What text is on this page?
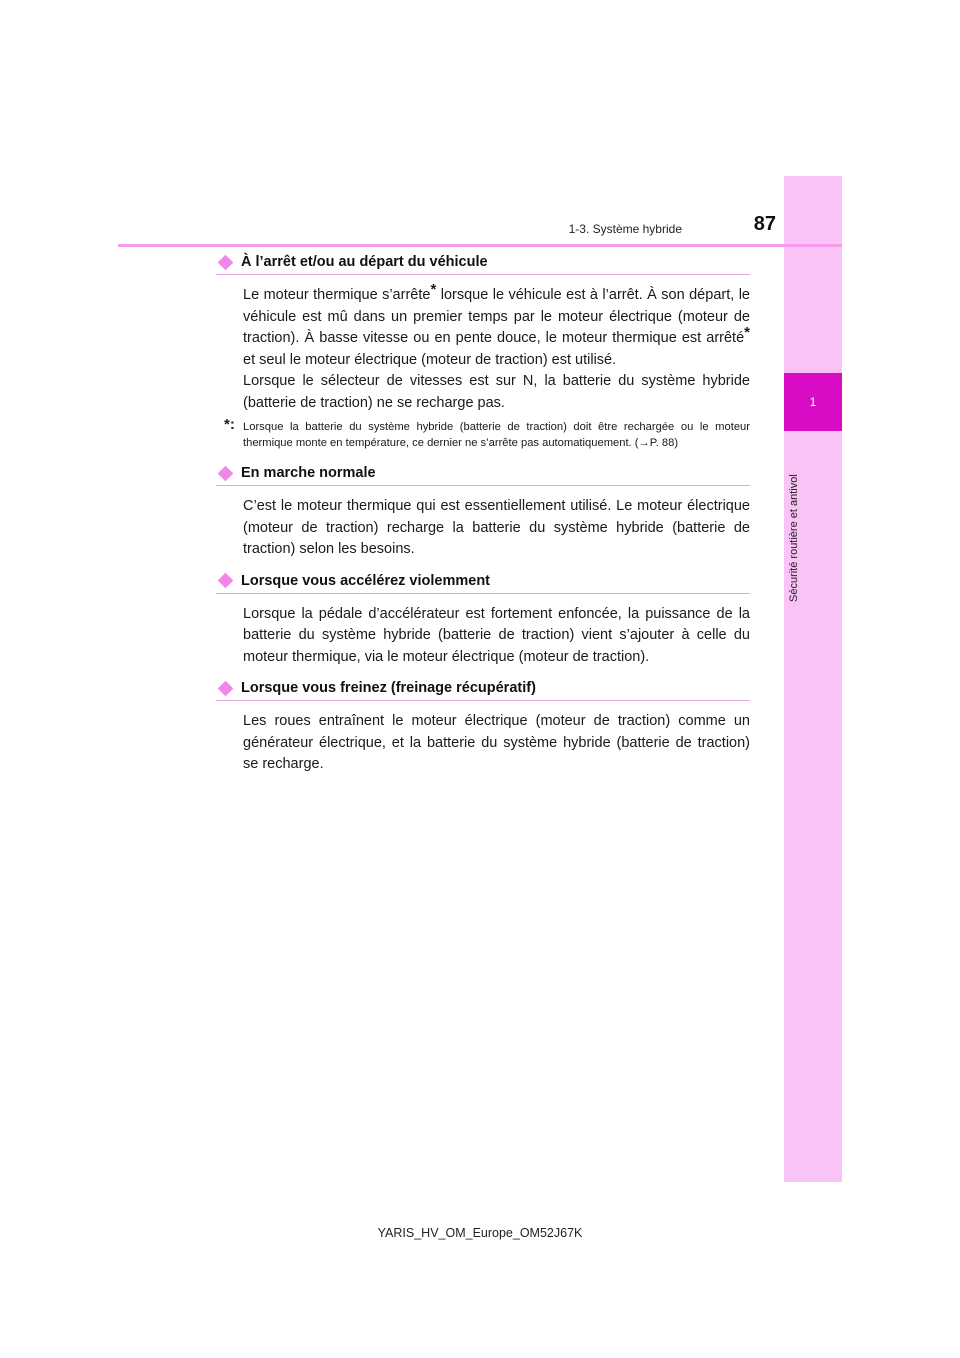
1
Sécurité routière et antivol
1-3. Système hybride	87
À l’arrêt et/ou au départ du véhicule

Le moteur thermique s’arrête* lorsque le véhicule est à l’arrêt. À son départ, le véhicule est mû dans un premier temps par le moteur électrique (moteur de traction). À basse vitesse ou en pente douce, le moteur thermique est arrêté* et seul le moteur électrique (moteur de traction) est utilisé.

Lorsque le sélecteur de vitesses est sur N, la batterie du système hybride (batterie de traction) ne se recharge pas.

*: Lorsque la batterie du système hybride (batterie de traction) doit être rechargée ou le moteur thermique monte en température, ce dernier ne s’arrête pas automatiquement. (→P. 88)
En marche normale
C’est le moteur thermique qui est essentiellement utilisé. Le moteur électrique (moteur de traction) recharge la batterie du système hybride (batterie de traction) selon les besoins.
Lorsque vous accélérez violemment
Lorsque la pédale d’accélérateur est fortement enfoncée, la puissance de la batterie du système hybride (batterie de traction) vient s’ajouter à celle du moteur thermique, via le moteur électrique (moteur de traction).
Lorsque vous freinez (freinage récupératif)
Les roues entraînent le moteur électrique (moteur de traction) comme un générateur électrique, et la batterie du système hybride (batterie de traction) se recharge.
YARIS_HV_OM_Europe_OM52J67K
